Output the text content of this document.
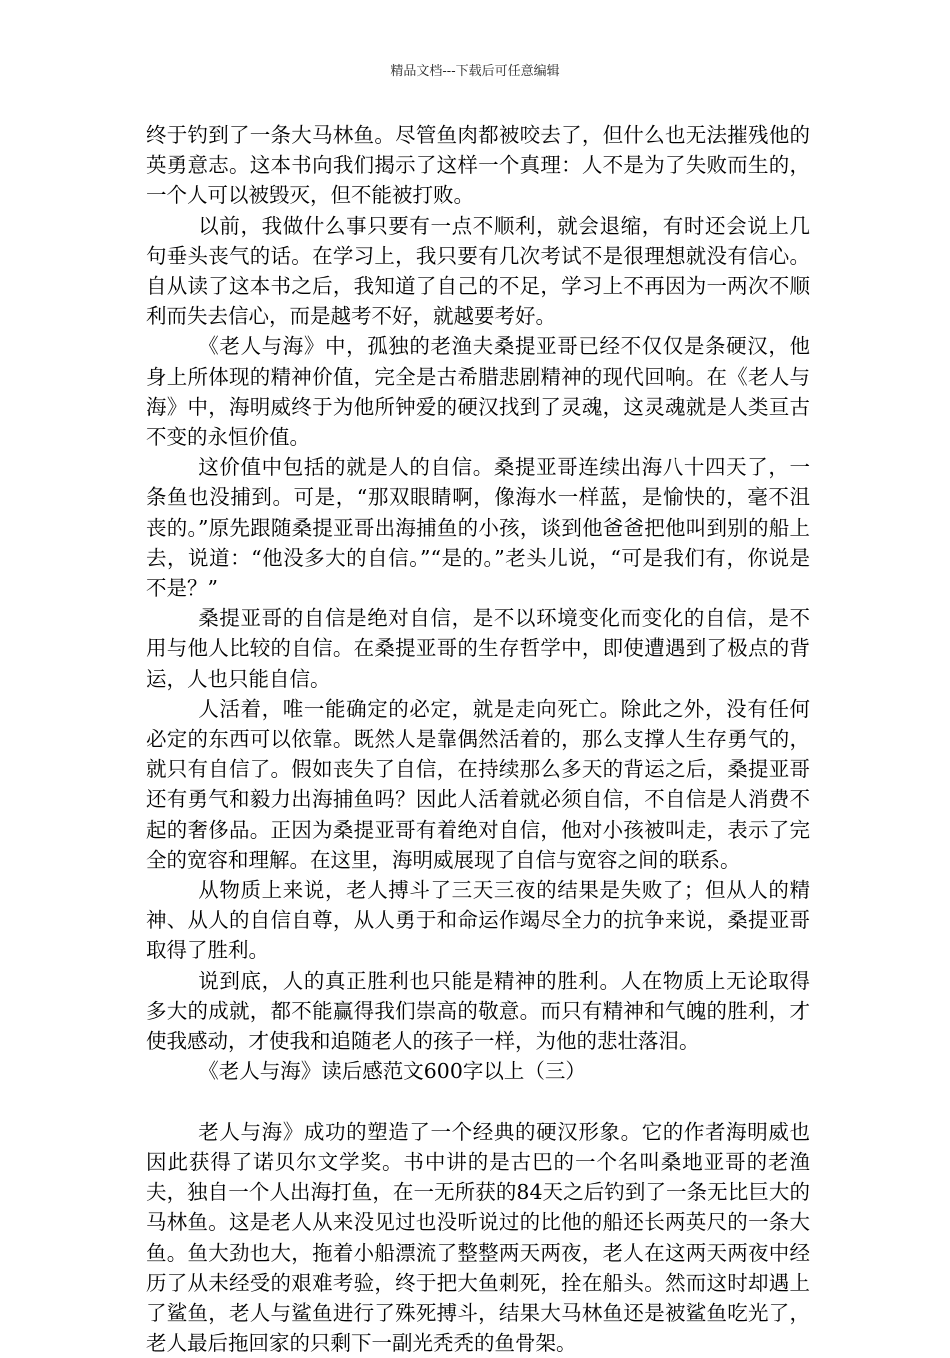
精品文档---下载后可任意编辑

终于钓到了一条大马林鱼。尽管鱼肉都被咬去了，但什么也无法摧残他的英勇意志。这本书向我们揭示了这样一个真理：人不是为了失败而生的，一个人可以被毁灭，但不能被打败。

以前，我做什么事只要有一点不顺利，就会退缩，有时还会说上几句垂头丧气的话。在学习上，我只要有几次考试不是很理想就没有信心。自从读了这本书之后，我知道了自己的不足，学习上不再因为一两次不顺利而失去信心，而是越考不好，就越要考好。

《老人与海》中，孤独的老渔夫桑提亚哥已经不仅仅是条硬汉，他身上所体现的精神价值，完全是古希腊悲剧精神的现代回响。在《老人与海》中，海明威终于为他所钟爱的硬汉找到了灵魂，这灵魂就是人类亘古不变的永恒价值。

这价值中包括的就是人的自信。桑提亚哥连续出海八十四天了，一条鱼也没捕到。可是，“那双眼睛啊，像海水一样蓝，是愉快的，毫不沮丧的。”原先跟随桑提亚哥出海捕鱼的小孩，谈到他爸爸把他叫到别的船上去，说道：“他没多大的自信。”“是的。”老头儿说，“可是我们有，你说是不是？”

桑提亚哥的自信是绝对自信，是不以环境变化而变化的自信，是不用与他人比较的自信。在桑提亚哥的生存哲学中，即使遭遇到了极点的背运，人也只能自信。

人活着，唯一能确定的必定，就是走向死亡。除此之外，没有任何必定的东西可以依靠。既然人是靠偶然活着的，那么支撑人生存勇气的，就只有自信了。假如丧失了自信，在持续那么多天的背运之后，桑提亚哥还有勇气和毅力出海捕鱼吗？因此人活着就必须自信，不自信是人消费不起的奢侈品。正因为桑提亚哥有着绝对自信，他对小孩被叫走，表示了完全的宽容和理解。在这里，海明威展现了自信与宽容之间的联系。

从物质上来说，老人搏斗了三天三夜的结果是失败了；但从人的精神、从人的自信自尊，从人勇于和命运作竭尽全力的抗争来说，桑提亚哥取得了胜利。

说到底，人的真正胜利也只能是精神的胜利。人在物质上无论取得多大的成就，都不能赢得我们崇高的敬意。而只有精神和气魄的胜利，才使我感动，才使我和追随老人的孩子一样，为他的悲壮落泪。

《老人与海》读后感范文600字以上（三）

老人与海》成功的塑造了一个经典的硬汉形象。它的作者海明威也因此获得了诺贝尔文学奖。书中讲的是古巴的一个名叫桑地亚哥的老渔夫，独自一个人出海打鱼，在一无所获的84天之后钓到了一条无比巨大的马林鱼。这是老人从来没见过也没听说过的比他的船还长两英尺的一条大鱼。鱼大劲也大，拖着小船漂流了整整两天两夜，老人在这两天两夜中经历了从未经受的艰难考验，终于把大鱼刺死，拴在船头。然而这时却遇上了鲨鱼，老人与鲨鱼进行了殊死搏斗，结果大马林鱼还是被鲨鱼吃光了，老人最后拖回家的只剩下一副光秃秃的鱼骨架。
